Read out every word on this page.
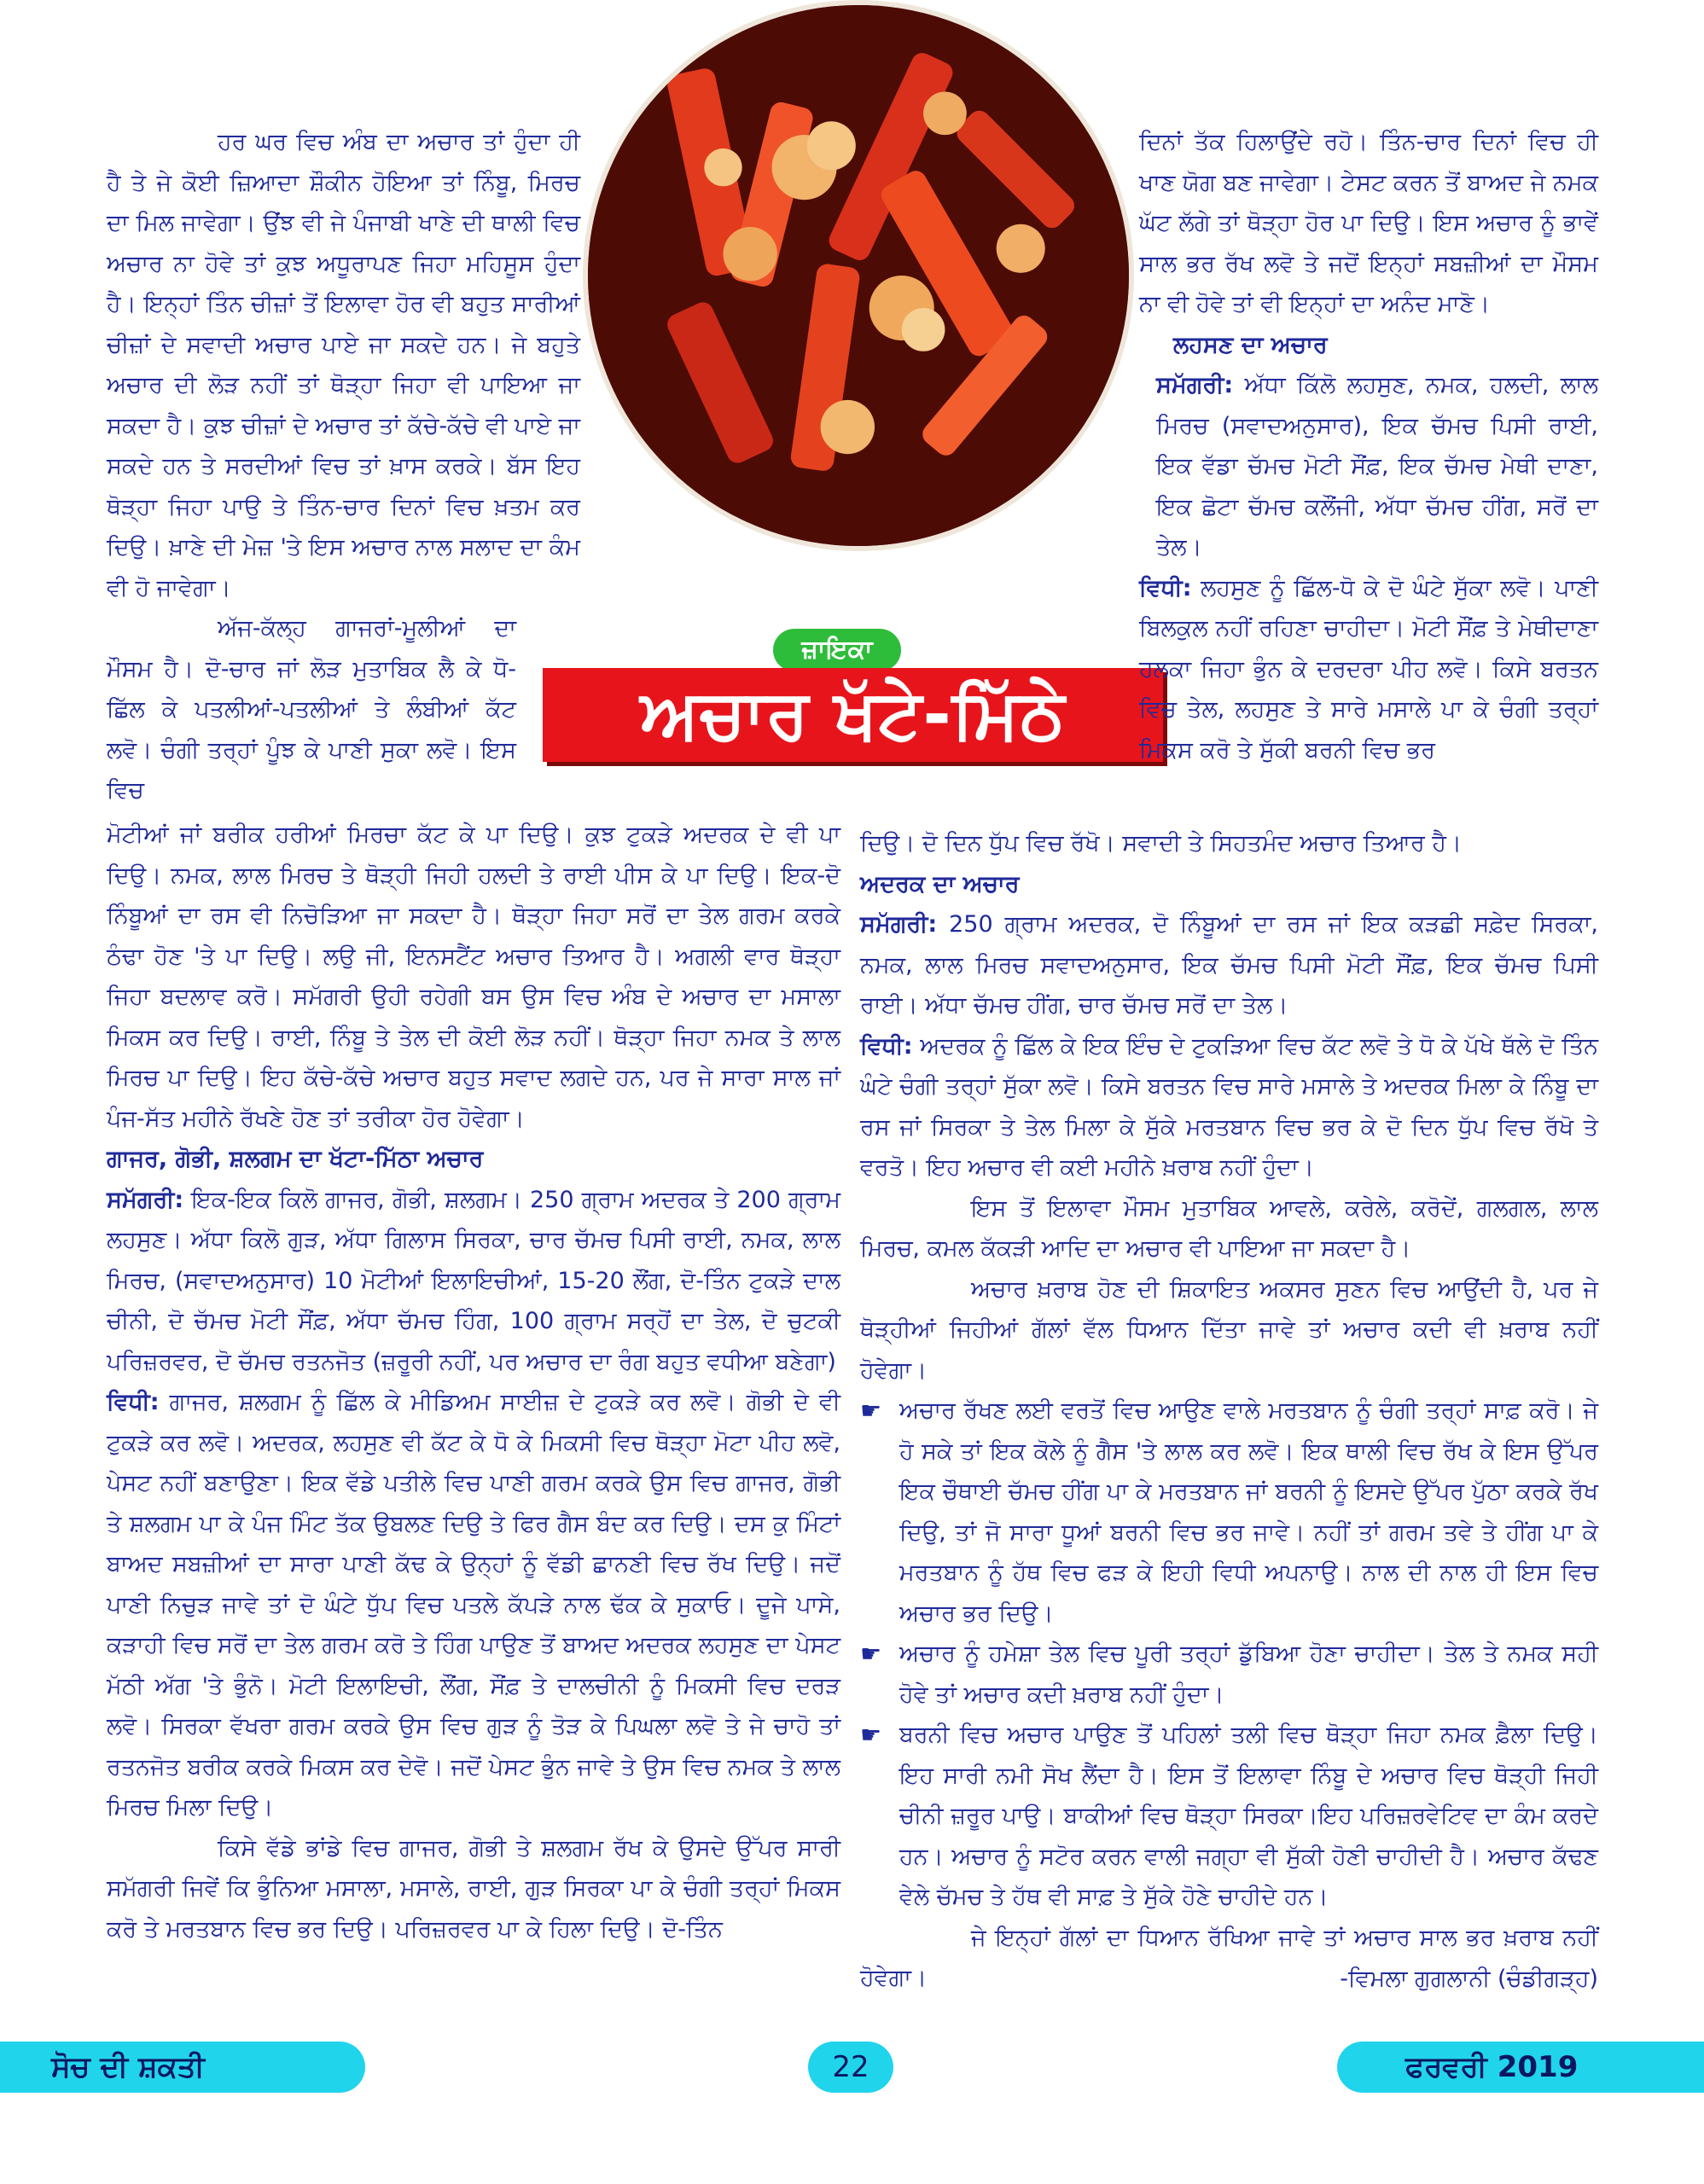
ਜ਼ਾਇਕਾ
ਅਚਾਰ ਖੱਟੇ-ਮਿੱਠੇ

ਹਰ ਘਰ ਵਿਚ ਅੰਬ ਦਾ ਅਚਾਰ ਤਾਂ ਹੁੰਦਾ ਹੀ ਹੈ ਤੇ ਜੇ ਕੋਈ ਜ਼ਿਆਦਾ ਸ਼ੌਕੀਨ ਹੋਇਆ ਤਾਂ ਨਿੰਬੂ, ਮਿਰਚ ਦਾ ਮਿਲ ਜਾਵੇਗਾ। ਉਂਝ ਵੀ ਜੇ ਪੰਜਾਬੀ ਖਾਣੇ ਦੀ ਥਾਲੀ ਵਿਚ ਅਚਾਰ ਨਾ ਹੋਵੇ ਤਾਂ ਕੁਝ ਅਧੂਰਾਪਣ ਜਿਹਾ ਮਹਿਸੂਸ ਹੁੰਦਾ ਹੈ। ਇਨ੍ਹਾਂ ਤਿੰਨ ਚੀਜ਼ਾਂ ਤੋਂ ਇਲਾਵਾ ਹੋਰ ਵੀ ਬਹੁਤ ਸਾਰੀਆਂ ਚੀਜ਼ਾਂ ਦੇ ਸਵਾਦੀ ਅਚਾਰ ਪਾਏ ਜਾ ਸਕਦੇ ਹਨ। ਜੇ ਬਹੁਤੇ ਅਚਾਰ ਦੀ ਲੋੜ ਨਹੀਂ ਤਾਂ ਥੋੜ੍ਹਾ ਜਿਹਾ ਵੀ ਪਾਇਆ ਜਾ ਸਕਦਾ ਹੈ। ਕੁਝ ਚੀਜ਼ਾਂ ਦੇ ਅਚਾਰ ਤਾਂ ਕੱਚੇ-ਕੱਚੇ ਵੀ ਪਾਏ ਜਾ ਸਕਦੇ ਹਨ ਤੇ ਸਰਦੀਆਂ ਵਿਚ ਤਾਂ ਖ਼ਾਸ ਕਰਕੇ। ਬੱਸ ਇਹ ਥੋੜ੍ਹਾ ਜਿਹਾ ਪਾਉ ਤੇ ਤਿੰਨ-ਚਾਰ ਦਿਨਾਂ ਵਿਚ ਖ਼ਤਮ ਕਰ ਦਿਉ। ਖ਼ਾਣੇ ਦੀ ਮੇਜ਼ 'ਤੇ ਇਸ ਅਚਾਰ ਨਾਲ ਸਲਾਦ ਦਾ ਕੰਮ ਵੀ ਹੋ ਜਾਵੇਗਾ।

ਅੱਜ-ਕੱਲ੍ਹ ਗਾਜਰਾਂ-ਮੂਲੀਆਂ ਦਾ ਮੌਸਮ ਹੈ। ਦੋ-ਚਾਰ ਜਾਂ ਲੋੜ ਮੁਤਾਬਿਕ ਲੈ ਕੇ ਧੋ-ਛਿੱਲ ਕੇ ਪਤਲੀਆਂ-ਪਤਲੀਆਂ ਤੇ ਲੰਬੀਆਂ ਕੱਟ ਲਵੋ। ਚੰਗੀ ਤਰ੍ਹਾਂ ਪੂੰਝ ਕੇ ਪਾਣੀ ਸੁਕਾ ਲਵੋ। ਇਸ ਵਿਚ

ਮੋਟੀਆਂ ਜਾਂ ਬਰੀਕ ਹਰੀਆਂ ਮਿਰਚਾ ਕੱਟ ਕੇ ਪਾ ਦਿਉ। ਕੁਝ ਟੁਕੜੇ ਅਦਰਕ ਦੇ ਵੀ ਪਾ ਦਿਉ। ਨਮਕ, ਲਾਲ ਮਿਰਚ ਤੇ ਥੋੜ੍ਹੀ ਜਿਹੀ ਹਲਦੀ ਤੇ ਰਾਈ ਪੀਸ ਕੇ ਪਾ ਦਿਉ। ਇਕ-ਦੋ ਨਿੰਬੂਆਂ ਦਾ ਰਸ ਵੀ ਨਿਚੋੜਿਆ ਜਾ ਸਕਦਾ ਹੈ। ਥੋੜ੍ਹਾ ਜਿਹਾ ਸਰੋਂ ਦਾ ਤੇਲ ਗਰਮ ਕਰਕੇ ਠੰਢਾ ਹੋਣ 'ਤੇ ਪਾ ਦਿਉ। ਲਉ ਜੀ, ਇਨਸਟੈਂਟ ਅਚਾਰ ਤਿਆਰ ਹੈ। ਅਗਲੀ ਵਾਰ ਥੋੜ੍ਹਾ ਜਿਹਾ ਬਦਲਾਵ ਕਰੋ। ਸਮੱਗਰੀ ਉਹੀ ਰਹੇਗੀ ਬਸ ਉਸ ਵਿਚ ਅੰਬ ਦੇ ਅਚਾਰ ਦਾ ਮਸਾਲਾ ਮਿਕਸ ਕਰ ਦਿਉ। ਰਾਈ, ਨਿੰਬੂ ਤੇ ਤੇਲ ਦੀ ਕੋਈ ਲੋੜ ਨਹੀਂ। ਥੋੜ੍ਹਾ ਜਿਹਾ ਨਮਕ ਤੇ ਲਾਲ ਮਿਰਚ ਪਾ ਦਿਉ। ਇਹ ਕੱਚੇ-ਕੱਚੇ ਅਚਾਰ ਬਹੁਤ ਸਵਾਦ ਲਗਦੇ ਹਨ, ਪਰ ਜੇ ਸਾਰਾ ਸਾਲ ਜਾਂ ਪੰਜ-ਸੱਤ ਮਹੀਨੇ ਰੱਖਣੇ ਹੋਣ ਤਾਂ ਤਰੀਕਾ ਹੋਰ ਹੋਵੇਗਾ।

ਗਾਜਰ, ਗੋਭੀ, ਸ਼ਲਗਮ ਦਾ ਖੱਟਾ-ਮਿੱਠਾ ਅਚਾਰ

ਸਮੱਗਰੀ: ਇਕ-ਇਕ ਕਿਲੋ ਗਾਜਰ, ਗੋਭੀ, ਸ਼ਲਗਮ। 250 ਗ੍ਰਾਮ ਅਦਰਕ ਤੇ 200 ਗ੍ਰਾਮ ਲਹਸੁਣ। ਅੱਧਾ ਕਿਲੋ ਗੁੜ, ਅੱਧਾ ਗਿਲਾਸ ਸਿਰਕਾ, ਚਾਰ ਚੱਮਚ ਪਿਸੀ ਰਾਈ, ਨਮਕ, ਲਾਲ ਮਿਰਚ, (ਸਵਾਦਅਨੁਸਾਰ) 10 ਮੋਟੀਆਂ ਇਲਾਇਚੀਆਂ, 15-20 ਲੌਂਗ, ਦੋ-ਤਿੰਨ ਟੁਕੜੇ ਦਾਲ ਚੀਨੀ, ਦੋ ਚੱਮਚ ਮੋਟੀ ਸੌਂਫ਼, ਅੱਧਾ ਚੱਮਚ ਹਿੰਗ, 100 ਗ੍ਰਾਮ ਸਰ੍ਹੋਂ ਦਾ ਤੇਲ, ਦੋ ਚੁਟਕੀ ਪਰਿਜ਼ਰਵਰ, ਦੋ ਚੱਮਚ ਰਤਨਜੋਤ (ਜ਼ਰੂਰੀ ਨਹੀਂ, ਪਰ ਅਚਾਰ ਦਾ ਰੰਗ ਬਹੁਤ ਵਧੀਆ ਬਣੇਗਾ)

ਵਿਧੀ: ਗਾਜਰ, ਸ਼ਲਗਮ ਨੂੰ ਛਿੱਲ ਕੇ ਮੀਡਿਅਮ ਸਾਈਜ਼ ਦੇ ਟੁਕੜੇ ਕਰ ਲਵੋ। ਗੋਭੀ ਦੇ ਵੀ ਟੁਕੜੇ ਕਰ ਲਵੋ। ਅਦਰਕ, ਲਹਸੁਣ ਵੀ ਕੱਟ ਕੇ ਧੋ ਕੇ ਮਿਕਸੀ ਵਿਚ ਥੋੜ੍ਹਾ ਮੋਟਾ ਪੀਹ ਲਵੋ, ਪੇਸਟ ਨਹੀਂ ਬਣਾਉਣਾ। ਇਕ ਵੱਡੇ ਪਤੀਲੇ ਵਿਚ ਪਾਣੀ ਗਰਮ ਕਰਕੇ ਉਸ ਵਿਚ ਗਾਜਰ, ਗੋਭੀ ਤੇ ਸ਼ਲਗਮ ਪਾ ਕੇ ਪੰਜ ਮਿੰਟ ਤੱਕ ਉਬਲਣ ਦਿਉ ਤੇ ਫਿਰ ਗੈਸ ਬੰਦ ਕਰ ਦਿਉ। ਦਸ ਕੁ ਮਿੰਟਾਂ ਬਾਅਦ ਸਬਜ਼ੀਆਂ ਦਾ ਸਾਰਾ ਪਾਣੀ ਕੱਢ ਕੇ ਉਨ੍ਹਾਂ ਨੂੰ ਵੱਡੀ ਛਾਨਣੀ ਵਿਚ ਰੱਖ ਦਿਉ। ਜਦੋਂ ਪਾਣੀ ਨਿਚੁੜ ਜਾਵੇ ਤਾਂ ਦੋ ਘੰਟੇ ਧੁੱਪ ਵਿਚ ਪਤਲੇ ਕੱਪੜੇ ਨਾਲ ਢੱਕ ਕੇ ਸੁਕਾਓ। ਦੂਜੇ ਪਾਸੇ, ਕੜਾਹੀ ਵਿਚ ਸਰੋਂ ਦਾ ਤੇਲ ਗਰਮ ਕਰੋ ਤੇ ਹਿੰਗ ਪਾਉਣ ਤੋਂ ਬਾਅਦ ਅਦਰਕ ਲਹਸੁਣ ਦਾ ਪੇਸਟ ਮੱਠੀ ਅੱਗ 'ਤੇ ਭੁੰਨੋ। ਮੋਟੀ ਇਲਾਇਚੀ, ਲੌਂਗ, ਸੌਂਫ਼ ਤੇ ਦਾਲਚੀਨੀ ਨੂੰ ਮਿਕਸੀ ਵਿਚ ਦਰੜ ਲਵੋ। ਸਿਰਕਾ ਵੱਖਰਾ ਗਰਮ ਕਰਕੇ ਉਸ ਵਿਚ ਗੁੜ ਨੂੰ ਤੋੜ ਕੇ ਪਿਘਲਾ ਲਵੋ ਤੇ ਜੇ ਚਾਹੋ ਤਾਂ ਰਤਨਜੋਤ ਬਰੀਕ ਕਰਕੇ ਮਿਕਸ ਕਰ ਦੇਵੋ। ਜਦੋਂ ਪੇਸਟ ਭੁੰਨ ਜਾਵੇ ਤੇ ਉਸ ਵਿਚ ਨਮਕ ਤੇ ਲਾਲ ਮਿਰਚ ਮਿਲਾ ਦਿਉ।

ਕਿਸੇ ਵੱਡੇ ਭਾਂਡੇ ਵਿਚ ਗਾਜਰ, ਗੋਭੀ ਤੇ ਸ਼ਲਗਮ ਰੱਖ ਕੇ ਉਸਦੇ ਉੱਪਰ ਸਾਰੀ ਸਮੱਗਰੀ ਜਿਵੇਂ ਕਿ ਭੁੰਨਿਆ ਮਸਾਲਾ, ਮਸਾਲੇ, ਰਾਈ, ਗੁੜ ਸਿਰਕਾ ਪਾ ਕੇ ਚੰਗੀ ਤਰ੍ਹਾਂ ਮਿਕਸ ਕਰੋ ਤੇ ਮਰਤਬਾਨ ਵਿਚ ਭਰ ਦਿਉ। ਪਰਿਜ਼ਰਵਰ ਪਾ ਕੇ ਹਿਲਾ ਦਿਉ। ਦੋ-ਤਿੰਨ

ਦਿਨਾਂ ਤੱਕ ਹਿਲਾਉਂਦੇ ਰਹੋ। ਤਿੰਨ-ਚਾਰ ਦਿਨਾਂ ਵਿਚ ਹੀ ਖਾਣ ਯੋਗ ਬਣ ਜਾਵੇਗਾ। ਟੇਸਟ ਕਰਨ ਤੋਂ ਬਾਅਦ ਜੇ ਨਮਕ ਘੱਟ ਲੱਗੇ ਤਾਂ ਥੋੜ੍ਹਾ ਹੋਰ ਪਾ ਦਿਉ। ਇਸ ਅਚਾਰ ਨੂੰ ਭਾਵੇਂ ਸਾਲ ਭਰ ਰੱਖ ਲਵੋ ਤੇ ਜਦੋਂ ਇਨ੍ਹਾਂ ਸਬਜ਼ੀਆਂ ਦਾ ਮੌਸਮ ਨਾ ਵੀ ਹੋਵੇ ਤਾਂ ਵੀ ਇਨ੍ਹਾਂ ਦਾ ਅਨੰਦ ਮਾਣੋ।

ਲਹਸਣ ਦਾ ਅਚਾਰ

ਸਮੱਗਰੀ: ਅੱਧਾ ਕਿੱਲੋ ਲਹਸੁਣ, ਨਮਕ, ਹਲਦੀ, ਲਾਲ ਮਿਰਚ (ਸਵਾਦਅਨੁਸਾਰ), ਇਕ ਚੱਮਚ ਪਿਸੀ ਰਾਈ, ਇਕ ਵੱਡਾ ਚੱਮਚ ਮੋਟੀ ਸੌਂਫ਼, ਇਕ ਚੱਮਚ ਮੇਥੀ ਦਾਣਾ, ਇਕ ਛੋਟਾ ਚੱਮਚ ਕਲੌਂਜੀ, ਅੱਧਾ ਚੱਮਚ ਹੀਂਗ, ਸਰੋਂ ਦਾ ਤੇਲ।

ਵਿਧੀ: ਲਹਸੁਣ ਨੂੰ ਛਿੱਲ-ਧੋ ਕੇ ਦੋ ਘੰਟੇ ਸੁੱਕਾ ਲਵੋ। ਪਾਣੀ ਬਿਲਕੁਲ ਨਹੀਂ ਰਹਿਣਾ ਚਾਹੀਦਾ। ਮੋਟੀ ਸੌਂਫ਼ ਤੇ ਮੇਥੀਦਾਣਾ ਹਲਕਾ ਜਿਹਾ ਭੁੰਨ ਕੇ ਦਰਦਰਾ ਪੀਹ ਲਵੋ। ਕਿਸੇ ਬਰਤਨ ਵਿਚ ਤੇਲ, ਲਹਸੁਣ ਤੇ ਸਾਰੇ ਮਸਾਲੇ ਪਾ ਕੇ ਚੰਗੀ ਤਰ੍ਹਾਂ ਮਿਕਸ ਕਰੋ ਤੇ ਸੁੱਕੀ ਬਰਨੀ ਵਿਚ ਭਰ

ਦਿਉ। ਦੋ ਦਿਨ ਧੁੱਪ ਵਿਚ ਰੱਖੋ। ਸਵਾਦੀ ਤੇ ਸਿਹਤਮੰਦ ਅਚਾਰ ਤਿਆਰ ਹੈ।

ਅਦਰਕ ਦਾ ਅਚਾਰ

ਸਮੱਗਰੀ: 250 ਗ੍ਰਾਮ ਅਦਰਕ, ਦੋ ਨਿੰਬੂਆਂ ਦਾ ਰਸ ਜਾਂ ਇਕ ਕੜਛੀ ਸਫ਼ੇਦ ਸਿਰਕਾ, ਨਮਕ, ਲਾਲ ਮਿਰਚ ਸਵਾਦਅਨੁਸਾਰ, ਇਕ ਚੱਮਚ ਪਿਸੀ ਮੋਟੀ ਸੌਂਫ਼, ਇਕ ਚੱਮਚ ਪਿਸੀ ਰਾਈ। ਅੱਧਾ ਚੱਮਚ ਹੀਂਗ, ਚਾਰ ਚੱਮਚ ਸਰੋਂ ਦਾ ਤੇਲ।

ਵਿਧੀ: ਅਦਰਕ ਨੂੰ ਛਿੱਲ ਕੇ ਇਕ ਇੰਚ ਦੇ ਟੁਕੜਿਆ ਵਿਚ ਕੱਟ ਲਵੋ ਤੇ ਧੋ ਕੇ ਪੱਖੇ ਥੱਲੇ ਦੋ ਤਿੰਨ ਘੰਟੇ ਚੰਗੀ ਤਰ੍ਹਾਂ ਸੁੱਕਾ ਲਵੋ। ਕਿਸੇ ਬਰਤਨ ਵਿਚ ਸਾਰੇ ਮਸਾਲੇ ਤੇ ਅਦਰਕ ਮਿਲਾ ਕੇ ਨਿੰਬੂ ਦਾ ਰਸ ਜਾਂ ਸਿਰਕਾ ਤੇ ਤੇਲ ਮਿਲਾ ਕੇ ਸੁੱਕੇ ਮਰਤਬਾਨ ਵਿਚ ਭਰ ਕੇ ਦੋ ਦਿਨ ਧੁੱਪ ਵਿਚ ਰੱਖੋ ਤੇ ਵਰਤੋ। ਇਹ ਅਚਾਰ ਵੀ ਕਈ ਮਹੀਨੇ ਖ਼ਰਾਬ ਨਹੀਂ ਹੁੰਦਾ।

ਇਸ ਤੋਂ ਇਲਾਵਾ ਮੌਸਮ ਮੁਤਾਬਿਕ ਆਵਲੇ, ਕਰੇਲੇ, ਕਰੋਦੇਂ, ਗਲਗਲ, ਲਾਲ ਮਿਰਚ, ਕਮਲ ਕੱਕੜੀ ਆਦਿ ਦਾ ਅਚਾਰ ਵੀ ਪਾਇਆ ਜਾ ਸਕਦਾ ਹੈ।

ਅਚਾਰ ਖ਼ਰਾਬ ਹੋਣ ਦੀ ਸ਼ਿਕਾਇਤ ਅਕਸਰ ਸੁਣਨ ਵਿਚ ਆਉਂਦੀ ਹੈ, ਪਰ ਜੇ ਥੋੜ੍ਹੀਆਂ ਜਿਹੀਆਂ ਗੱਲਾਂ ਵੱਲ ਧਿਆਨ ਦਿੱਤਾ ਜਾਵੇ ਤਾਂ ਅਚਾਰ ਕਦੀ ਵੀ ਖ਼ਰਾਬ ਨਹੀਂ ਹੋਵੇਗਾ।

☛ ਅਚਾਰ ਰੱਖਣ ਲਈ ਵਰਤੋਂ ਵਿਚ ਆਉਣ ਵਾਲੇ ਮਰਤਬਾਨ ਨੂੰ ਚੰਗੀ ਤਰ੍ਹਾਂ ਸਾਫ਼ ਕਰੋ। ਜੇ ਹੋ ਸਕੇ ਤਾਂ ਇਕ ਕੋਲੇ ਨੂੰ ਗੈਸ 'ਤੇ ਲਾਲ ਕਰ ਲਵੋ। ਇਕ ਥਾਲੀ ਵਿਚ ਰੱਖ ਕੇ ਇਸ ਉੱਪਰ ਇਕ ਚੌਥਾਈ ਚੱਮਚ ਹੀਂਗ ਪਾ ਕੇ ਮਰਤਬਾਨ ਜਾਂ ਬਰਨੀ ਨੂੰ ਇਸਦੇ ਉੱਪਰ ਪੁੱਠਾ ਕਰਕੇ ਰੱਖ ਦਿਉ, ਤਾਂ ਜੋ ਸਾਰਾ ਧੂਆਂ ਬਰਨੀ ਵਿਚ ਭਰ ਜਾਵੇ। ਨਹੀਂ ਤਾਂ ਗਰਮ ਤਵੇ ਤੇ ਹੀਂਗ ਪਾ ਕੇ ਮਰਤਬਾਨ ਨੂੰ ਹੱਥ ਵਿਚ ਫੜ ਕੇ ਇਹੀ ਵਿਧੀ ਅਪਨਾਉ। ਨਾਲ ਦੀ ਨਾਲ ਹੀ ਇਸ ਵਿਚ ਅਚਾਰ ਭਰ ਦਿਉ।

☛ ਅਚਾਰ ਨੂੰ ਹਮੇਸ਼ਾ ਤੇਲ ਵਿਚ ਪੂਰੀ ਤਰ੍ਹਾਂ ਡੁੱਬਿਆ ਹੋਣਾ ਚਾਹੀਦਾ। ਤੇਲ ਤੇ ਨਮਕ ਸਹੀ ਹੋਵੇ ਤਾਂ ਅਚਾਰ ਕਦੀ ਖ਼ਰਾਬ ਨਹੀਂ ਹੁੰਦਾ।

☛ ਬਰਨੀ ਵਿਚ ਅਚਾਰ ਪਾਉਣ ਤੋਂ ਪਹਿਲਾਂ ਤਲੀ ਵਿਚ ਥੋੜ੍ਹਾ ਜਿਹਾ ਨਮਕ ਫ਼ੈਲਾ ਦਿਉ। ਇਹ ਸਾਰੀ ਨਮੀ ਸੋਖ ਲੈਂਦਾ ਹੈ। ਇਸ ਤੋਂ ਇਲਾਵਾ ਨਿੰਬੂ ਦੇ ਅਚਾਰ ਵਿਚ ਥੋੜ੍ਹੀ ਜਿਹੀ ਚੀਨੀ ਜ਼ਰੂਰ ਪਾਉ। ਬਾਕੀਆਂ ਵਿਚ ਥੋੜ੍ਹਾ ਸਿਰਕਾ।ਇਹ ਪਰਿਜ਼ਰਵੇਟਿਵ ਦਾ ਕੰਮ ਕਰਦੇ ਹਨ। ਅਚਾਰ ਨੂੰ ਸਟੋਰ ਕਰਨ ਵਾਲੀ ਜਗ੍ਹਾ ਵੀ ਸੁੱਕੀ ਹੋਣੀ ਚਾਹੀਦੀ ਹੈ। ਅਚਾਰ ਕੱਢਣ ਵੇਲੇ ਚੱਮਚ ਤੇ ਹੱਥ ਵੀ ਸਾਫ਼ ਤੇ ਸੁੱਕੇ ਹੋਣੇ ਚਾਹੀਦੇ ਹਨ।

ਜੇ ਇਨ੍ਹਾਂ ਗੱਲਾਂ ਦਾ ਧਿਆਨ ਰੱਖਿਆ ਜਾਵੇ ਤਾਂ ਅਚਾਰ ਸਾਲ ਭਰ ਖ਼ਰਾਬ ਨਹੀਂ ਹੋਵੇਗਾ।	-ਵਿਮਲਾ ਗੁਗਲਾਨੀ (ਚੰਡੀਗੜ੍ਹ)

ਸੋਚ ਦੀ ਸ਼ਕਤੀ	22	ਫਰਵਰੀ 2019
